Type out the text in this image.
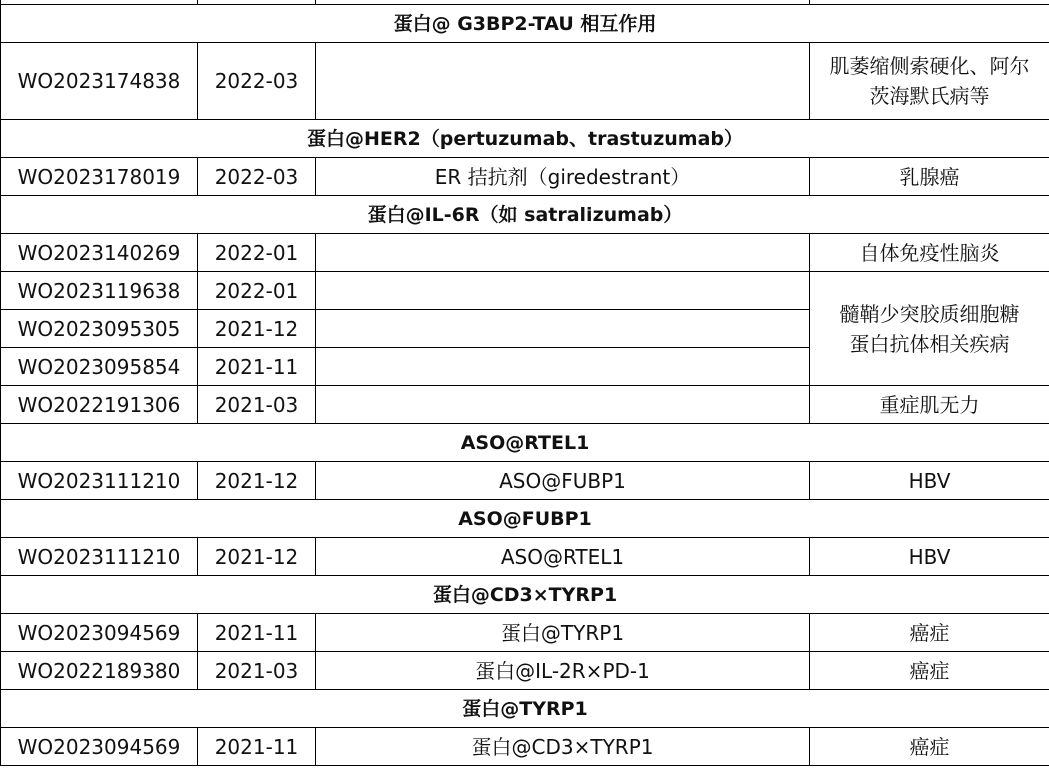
蛋白@ G3BP2-TAU 相互作用			
WO2023174838	2022-03		肌萎缩侧索硬化、阿尔
茨海默氏病等

蛋白@HER2（pertuzumab、trastuzumab）			
WO2023178019	2022-03	ER 拮抗剂（giredestrant）	乳腺癌
蛋白@IL-6R（如 satralizumab）			
WO2023140269	2022-01		自体免疫性脑炎
WO2023119638	2022-01		髓鞘少突胶质细胞糖
蛋白抗体相关疾病

WO2023095305	2021-12		
WO2023095854	2021-11		
WO2022191306	2021-03		重症肌无力
ASO@RTEL1			
WO2023111210	2021-12	ASO@FUBP1	HBV
ASO@FUBP1			
WO2023111210	2021-12	ASO@RTEL1	HBV
蛋白@CD3×TYRP1			
WO2023094569	2021-11	蛋白@TYRP1	癌症
WO2022189380	2021-03	蛋白@IL-2R×PD-1	癌症
蛋白@TYRP1			
WO2023094569	2021-11	蛋白@CD3×TYRP1	癌症
